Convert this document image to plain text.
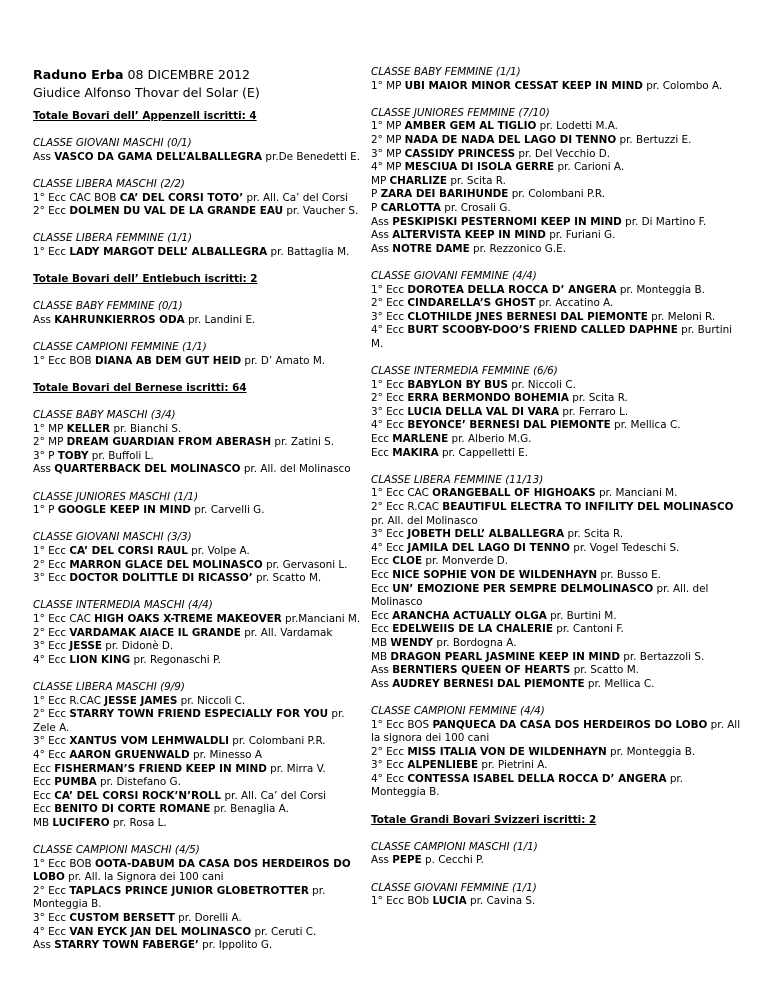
Raduno Erba 08 DICEMBRE 2012
Giudice Alfonso Thovar del Solar (E)
Totale Bovari dell’ Appenzell iscritti: 4
CLASSE GIOVANI MASCHI (0/1)
Ass VASCO DA GAMA DELL’ALBALLEGRA pr.De Benedetti E.
CLASSE LIBERA MASCHI (2/2)
1° Ecc CAC BOB CA’ DEL CORSI TOTO’ pr. All. Ca’ del Corsi
2° Ecc DOLMEN DU VAL DE LA GRANDE EAU pr. Vaucher S.
CLASSE LIBERA FEMMINE (1/1)
1° Ecc LADY MARGOT DELL’ ALBALLEGRA pr. Battaglia M.
Totale Bovari dell’ Entlebuch iscritti: 2
CLASSE BABY FEMMINE (0/1)
Ass KAHRUNKIERROS ODA pr. Landini E.
CLASSE CAMPIONI FEMMINE (1/1)
1° Ecc BOB DIANA AB DEM GUT HEID pr. D’ Amato M.
Totale Bovari del Bernese iscritti: 64
CLASSE BABY MASCHI (3/4)
1° MP KELLER pr. Bianchi S.
2° MP DREAM GUARDIAN FROM ABERASH pr. Zatini S.
3° P TOBY pr. Buffoli L.
Ass QUARTERBACK DEL MOLINASCO pr. All. del Molinasco
CLASSE JUNIORES MASCHI (1/1)
1° P GOOGLE KEEP IN MIND pr. Carvelli G.
CLASSE GIOVANI MASCHI (3/3)
1° Ecc CA’ DEL CORSI RAUL pr. Volpe A.
2° Ecc MARRON GLACE DEL MOLINASCO pr. Gervasoni L.
3° Ecc DOCTOR DOLITTLE DI RICASSO’ pr. Scatto M.
CLASSE INTERMEDIA MASCHI (4/4)
1° Ecc CAC HIGH OAKS X-TREME MAKEOVER pr.Manciani M.
2° Ecc VARDAMAK AIACE IL GRANDE pr. All. Vardamak
3° Ecc JESSE pr. Didonè D.
4° Ecc LION KING pr. Regonaschi P.
CLASSE LIBERA MASCHI (9/9)
1° Ecc R.CAC JESSE JAMES pr. Niccoli C.
2° Ecc STARRY TOWN FRIEND ESPECIALLY FOR YOU pr. Zele A.
3° Ecc XANTUS VOM LEHMWALDLI pr. Colombani P.R.
4° Ecc AARON GRUENWALD pr. Minesso A
Ecc FISHERMAN’S FRIEND KEEP IN MIND pr. Mirra V.
Ecc PUMBA pr. Distefano G.
Ecc CA’ DEL CORSI ROCK’N’ROLL pr. All. Ca’ del Corsi
Ecc BENITO DI CORTE ROMANE pr. Benaglia A.
MB LUCIFERO pr. Rosa L.
CLASSE CAMPIONI MASCHI (4/5)
1° Ecc BOB OOTA-DABUM DA CASA DOS HERDEIROS DO LOBO pr. All. la Signora dei 100 cani
2° Ecc TAPLACS PRINCE JUNIOR GLOBETROTTER pr. Monteggia B.
3° Ecc CUSTOM BERSETT pr. Dorelli A.
4° Ecc VAN EYCK JAN DEL MOLINASCO pr. Ceruti C.
Ass STARRY TOWN FABERGE’ pr. Ippolito G.
CLASSE BABY FEMMINE (1/1)
1° MP UBI MAIOR MINOR CESSAT KEEP IN MIND pr. Colombo A.
CLASSE JUNIORES FEMMINE (7/10)
1° MP AMBER GEM AL TIGLIO pr. Lodetti M.A.
2° MP NADA DE NADA DEL LAGO DI TENNO pr. Bertuzzi E.
3° MP CASSIDY PRINCESS pr. Del Vecchio D.
4° MP MESCIUA DI ISOLA GERRE pr. Carioni A.
MP CHARLIZE pr. Scita R.
P ZARA DEI BARIHUNDE pr. Colombani P.R.
P CARLOTTA pr. Crosali G.
Ass PESKIPISKI PESTERNOMI KEEP IN MIND pr. Di Martino F.
Ass ALTERVISTA KEEP IN MIND pr. Furiani G.
Ass NOTRE DAME pr. Rezzonico G.E.
CLASSE GIOVANI FEMMINE (4/4)
1° Ecc DOROTEA DELLA ROCCA D’ ANGERA pr. Monteggia B.
2° Ecc CINDARELLA’S GHOST pr. Accatino A.
3° Ecc CLOTHILDE JNES BERNESI DAL PIEMONTE pr. Meloni R.
4° Ecc BURT SCOOBY-DOO’S FRIEND CALLED DAPHNE pr. Burtini M.
CLASSE INTERMEDIA FEMMINE (6/6)
1° Ecc BABYLON BY BUS pr. Niccoli C.
2° Ecc ERRA BERMONDO BOHEMIA pr. Scita R.
3° Ecc LUCIA DELLA VAL DI VARA pr. Ferraro L.
4° Ecc BEYONCE’ BERNESI DAL PIEMONTE pr. Mellica C.
Ecc MARLENE pr. Alberio M.G.
Ecc MAKIRA pr. Cappelletti E.
CLASSE LIBERA FEMMINE (11/13)
1° Ecc CAC ORANGEBALL OF HIGHOAKS pr. Manciani M.
2° Ecc R.CAC BEAUTIFUL ELECTRA TO INFILITY DEL MOLINASCO pr. All. del Molinasco
3° Ecc JOBETH DELL’ ALBALLEGRA pr. Scita R.
4° Ecc JAMILA DEL LAGO DI TENNO pr. Vogel Tedeschi S.
Ecc CLOE pr. Monverde D.
Ecc NICE SOPHIE VON DE WILDENHAYN pr. Busso E.
Ecc UN’ EMOZIONE PER SEMPRE DELMOLINASCO pr. All. del Molinasco
Ecc ARANCHA ACTUALLY OLGA pr. Burtini M.
Ecc EDELWEIIS DE LA CHALERIE pr. Cantoni F.
MB WENDY pr. Bordogna A.
MB DRAGON PEARL JASMINE KEEP IN MIND pr. Bertazzoli S.
Ass BERNTIERS QUEEN OF HEARTS pr. Scatto M.
Ass AUDREY BERNESI DAL PIEMONTE pr. Mellica C.
CLASSE CAMPIONI FEMMINE (4/4)
1° Ecc BOS PANQUECA DA CASA DOS HERDEIROS DO LOBO pr. All la signora dei 100 cani
2° Ecc MISS ITALIA VON DE WILDENHAYN pr. Monteggia B.
3° Ecc ALPENLIEBE pr. Pietrini A.
4° Ecc CONTESSA ISABEL DELLA ROCCA D’ ANGERA pr. Monteggia B.
Totale Grandi Bovari Svizzeri iscritti: 2
CLASSE CAMPIONI MASCHI (1/1)
Ass PEPE p. Cecchi P.
CLASSE GIOVANI FEMMINE (1/1)
1° Ecc BOb LUCIA pr. Cavina S.
